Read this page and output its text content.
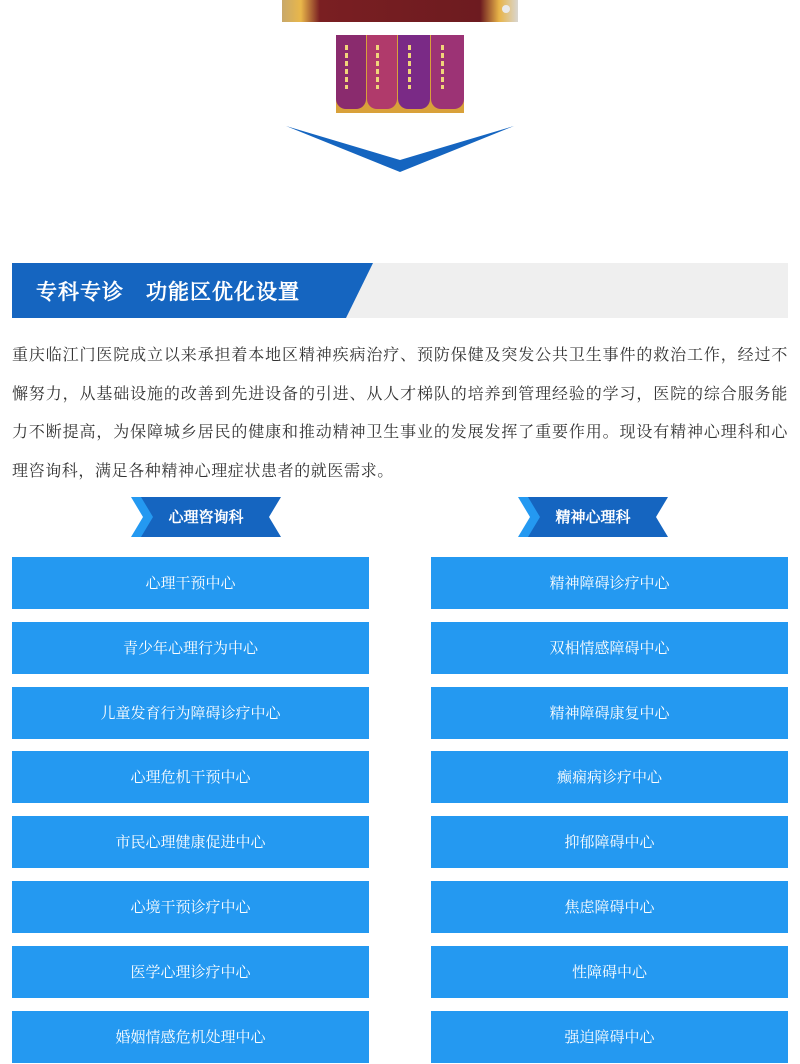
专科专诊　功能区优化设置

重庆临江门医院成立以来承担着本地区精神疾病治疗、预防保健及突发公共卫生事件的救治工作，经过不懈努力，从基础设施的改善到先进设备的引进、从人才梯队的培养到管理经验的学习，医院的综合服务能力不断提高，为保障城乡居民的健康和推动精神卫生事业的发展发挥了重要作用。现设有精神心理科和心理咨询科，满足各种精神心理症状患者的就医需求。

心理咨询科	精神心理科
心理干预中心
青少年心理行为中心
儿童发育行为障碍诊疗中心
心理危机干预中心
市民心理健康促进中心
心境干预诊疗中心
医学心理诊疗中心
婚姻情感危机处理中心
精神障碍诊疗中心
双相情感障碍中心
精神障碍康复中心
癫痫病诊疗中心
抑郁障碍中心
焦虑障碍中心
性障碍中心
强迫障碍中心
